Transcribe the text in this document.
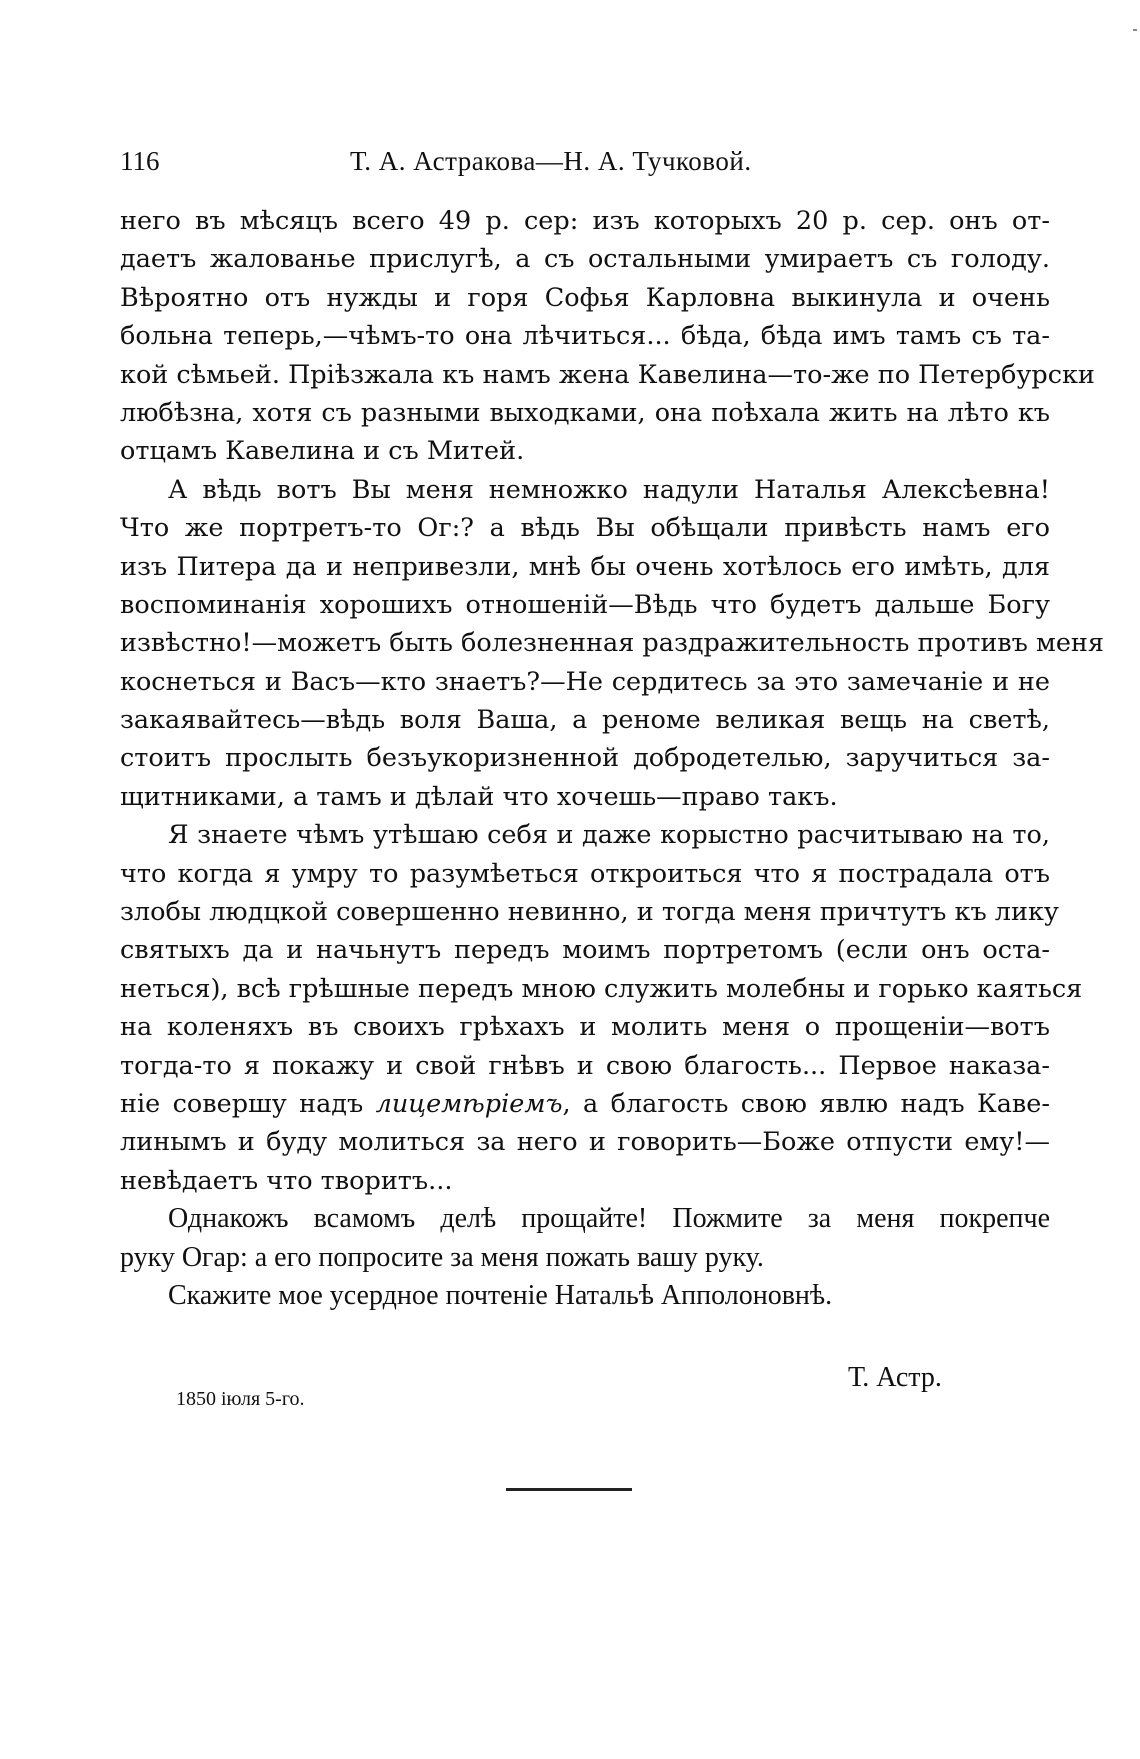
116	Т. А. Астракова—Н. А. Тучковой.
него въ мѣсяцъ всего 49 р. сер: изъ которыхъ 20 р. сер. онъ от-
даетъ жалованье прислугѣ, а съ остальными умираетъ съ голоду.
Вѣроятно отъ нужды и горя Софья Карловна выкинула и очень
больна теперь,—чѣмъ-то она лѣчиться... бѣда, бѣда имъ тамъ съ та-
кой сѣмьей. Пріѣзжала къ намъ жена Кавелина—то-же по Петербурски
любѣзна, хотя съ разными выходками, она поѣхала жить на лѣто къ
отцамъ Кавелина и съ Митей.
А вѣдь вотъ Вы меня немножко надули Наталья Алексѣевна!
Что же портретъ-то Ог:? а вѣдь Вы обѣщали привѣсть намъ его
изъ Питера да и непривезли, мнѣ бы очень хотѣлось его имѣть, для
воспоминанія хорошихъ отношеній—Вѣдь что будетъ дальше Богу
извѣстно!—можетъ быть болезненная раздражительность противъ меня
коснеться и Васъ—кто знаетъ?—Не сердитесь за это замечаніе и не
закаявайтесь—вѣдь воля Ваша, а реноме великая вещь на светѣ,
стоитъ прослыть безъукоризненной добродетелью, заручиться за-
щитниками, а тамъ и дѣлай что хочешь—право такъ.
Я знаете чѣмъ утѣшаю себя и даже корыстно расчитываю на то,
что когда я умру то разумѣеться откроиться что я пострадала отъ
злобы людцкой совершенно невинно, и тогда меня причтутъ къ лику
святыхъ да и начьнутъ передъ моимъ портретомъ (если онъ оста-
неться), всѣ грѣшные передъ мною служить молебны и горько каяться
на коленяхъ въ своихъ грѣхахъ и молить меня о прощеніи—вотъ
тогда-то я покажу и свой гнѣвъ и свою благость... Первое наказа-
ніе совершу надъ лицемѣріемъ, а благость свою явлю надъ Каве-
линымъ и буду молиться за него и говорить—Боже отпусти ему!—
невѣдаетъ что творитъ...
Однакожъ всамомъ делѣ прощайте! Пожмите за меня покрепче
руку Огар: а его попросите за меня пожать вашу руку.
Скажите мое усердное почтеніе Натальѣ Апполоновнѣ.
Т. Астр.
1850 іюля 5-го.
